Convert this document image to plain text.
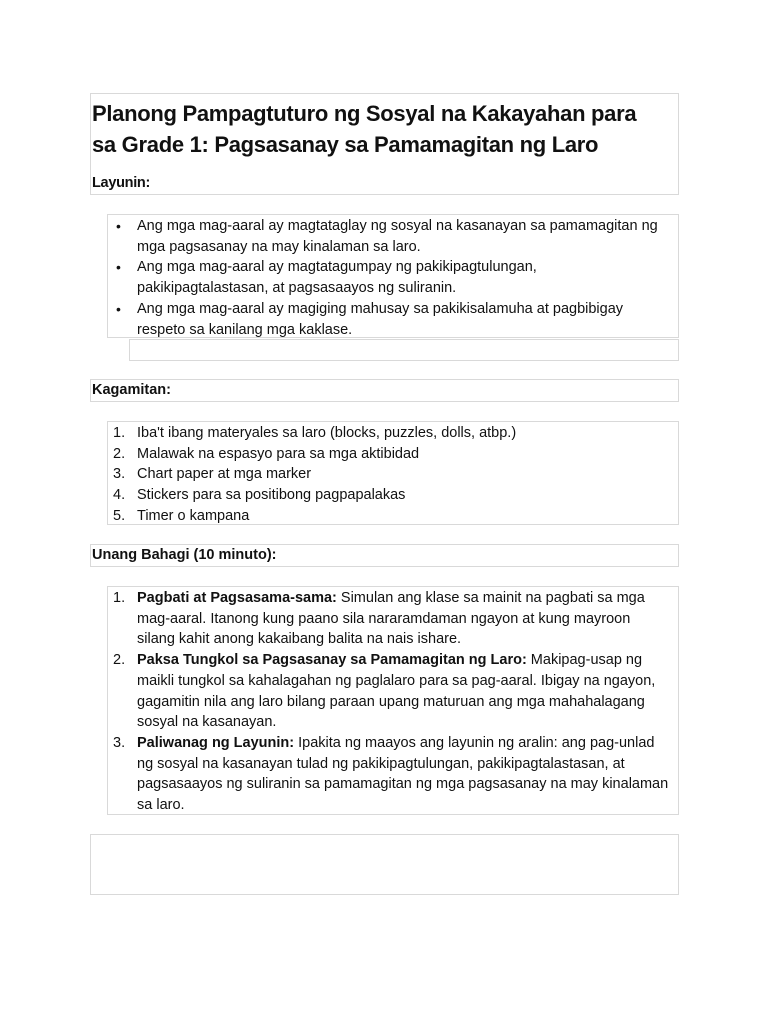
Planong Pampagtuturo ng Sosyal na Kakayahan para
sa Grade 1: Pagsasanay sa Pamamagitan ng Laro
Layunin:
• Ang mga mag-aaral ay magtataglay ng sosyal na kasanayan sa pamamagitan ng
mga pagsasanay na may kinalaman sa laro.
• Ang mga mag-aaral ay magtatagumpay ng pakikipagtulungan,
pakikipagtalastasan, at pagsasaayos ng suliranin.
• Ang mga mag-aaral ay magiging mahusay sa pakikisalamuha at pagbibigay
respeto sa kanilang mga kaklase.
Kagamitan:
1. Iba't ibang materyales sa laro (blocks, puzzles, dolls, atbp.)
2. Malawak na espasyo para sa mga aktibidad
3. Chart paper at mga marker
4. Stickers para sa positibong pagpapalakas
5. Timer o kampana
Unang Bahagi (10 minuto):
1. Pagbati at Pagsasama-sama: Simulan ang klase sa mainit na pagbati sa mga
mag-aaral. Itanong kung paano sila nararamdaman ngayon at kung mayroon
silang kahit anong kakaibang balita na nais ishare.
2. Paksa Tungkol sa Pagsasanay sa Pamamagitan ng Laro: Makipag-usap ng
maikli tungkol sa kahalagahan ng paglalaro para sa pag-aaral. Ibigay na ngayon,
gagamitin nila ang laro bilang paraan upang maturuan ang mga mahahalagang
sosyal na kasanayan.
3. Paliwanag ng Layunin: Ipakita ng maayos ang layunin ng aralin: ang pag-unlad
ng sosyal na kasanayan tulad ng pakikipagtulungan, pakikipagtalastasan, at
pagsasaayos ng suliranin sa pamamagitan ng mga pagsasanay na may kinalaman
sa laro.
